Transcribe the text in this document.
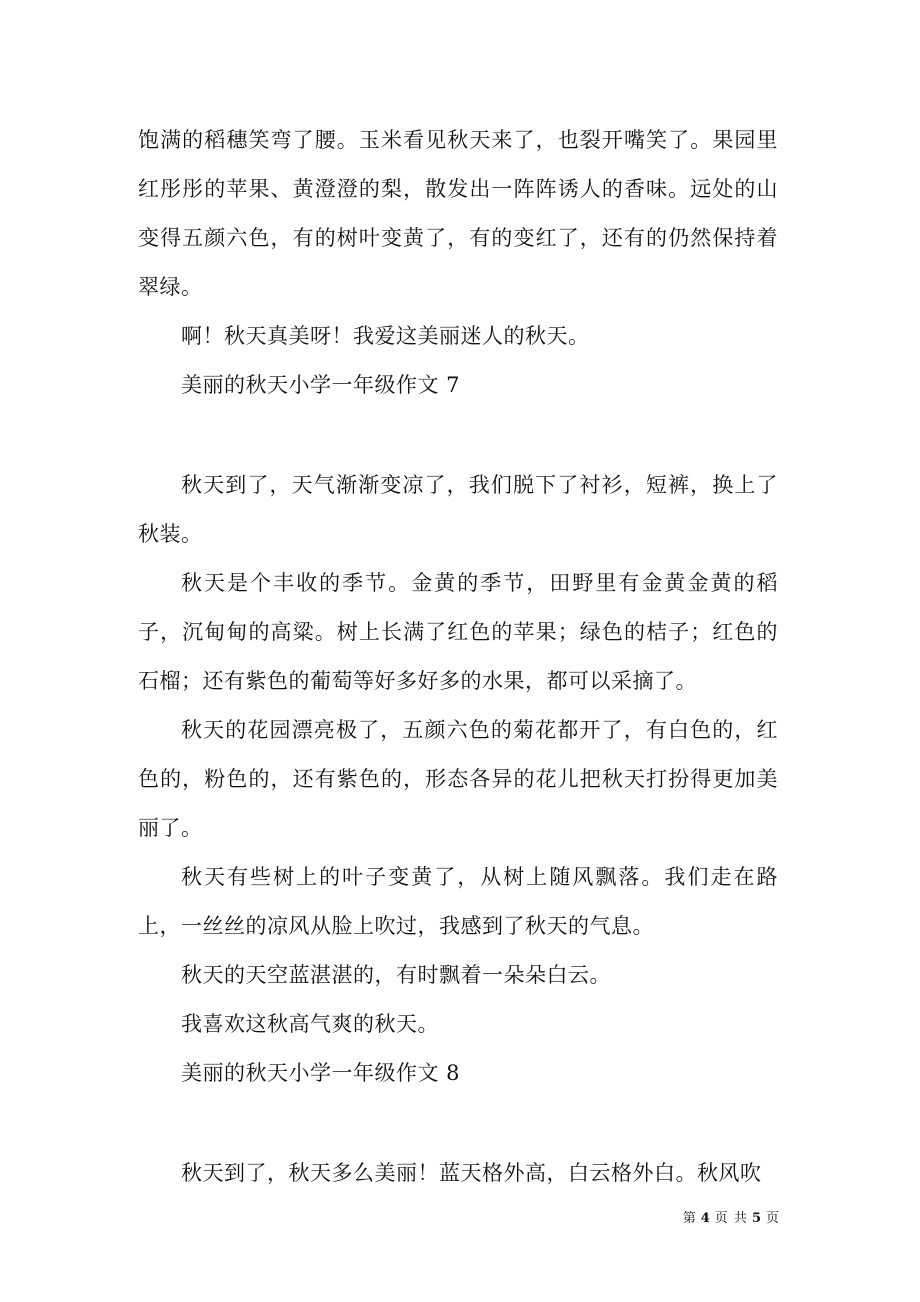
饱满的稻穗笑弯了腰。玉米看见秋天来了，也裂开嘴笑了。果园里红彤彤的苹果、黄澄澄的梨，散发出一阵阵诱人的香味。远处的山变得五颜六色，有的树叶变黄了，有的变红了，还有的仍然保持着翠绿。

啊！秋天真美呀！我爱这美丽迷人的秋天。

美丽的秋天小学一年级作文 7

秋天到了，天气渐渐变凉了，我们脱下了衬衫，短裤，换上了秋装。

秋天是个丰收的季节。金黄的季节，田野里有金黄金黄的稻子，沉甸甸的高粱。树上长满了红色的苹果；绿色的桔子；红色的石榴；还有紫色的葡萄等好多好多的水果，都可以采摘了。

秋天的花园漂亮极了，五颜六色的菊花都开了，有白色的，红色的，粉色的，还有紫色的，形态各异的花儿把秋天打扮得更加美丽了。

秋天有些树上的叶子变黄了，从树上随风飘落。我们走在路上，一丝丝的凉风从脸上吹过，我感到了秋天的气息。

秋天的天空蓝湛湛的，有时飘着一朵朵白云。

我喜欢这秋高气爽的秋天。

美丽的秋天小学一年级作文 8

秋天到了，秋天多么美丽！蓝天格外高，白云格外白。秋风吹

第 4 页 共 5 页
